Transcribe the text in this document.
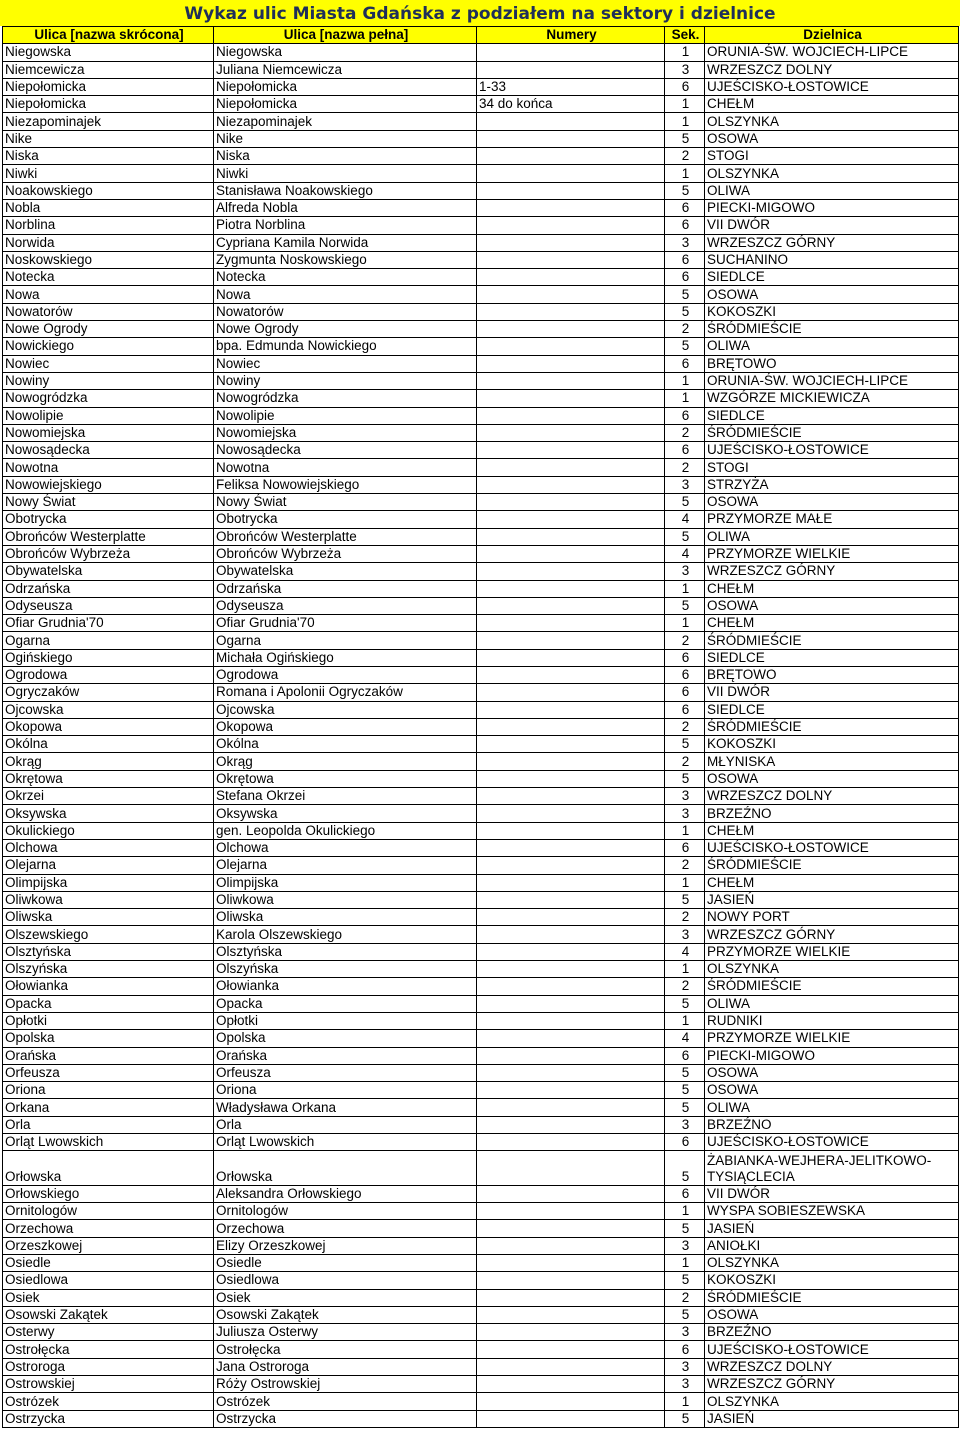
Wykaz ulic Miasta Gdańska z podziałem na sektory i dzielnice
Ulica [nazwa skrócona]	Ulica [nazwa pełna]	Numery	Sek.	Dzielnica
Niegowska	Niegowska		1	ORUNIA-ŚW. WOJCIECH-LIPCE
Niemcewicza	Juliana Niemcewicza		3	WRZESZCZ DOLNY
Niepołomicka	Niepołomicka	1-33	6	UJEŚCISKO-ŁOSTOWICE
Niepołomicka	Niepołomicka	34 do końca	1	CHEŁM
Niezapominajek	Niezapominajek		1	OLSZYNKA
Nike	Nike		5	OSOWA
Niska	Niska		2	STOGI
Niwki	Niwki		1	OLSZYNKA
Noakowskiego	Stanisława Noakowskiego		5	OLIWA
Nobla	Alfreda Nobla		6	PIECKI-MIGOWO
Norblina	Piotra Norblina		6	VII DWÓR
Norwida	Cypriana Kamila Norwida		3	WRZESZCZ GÓRNY
Noskowskiego	Zygmunta Noskowskiego		6	SUCHANINO
Notecka	Notecka		6	SIEDLCE
Nowa	Nowa		5	OSOWA
Nowatorów	Nowatorów		5	KOKOSZKI
Nowe Ogrody	Nowe Ogrody		2	ŚRÓDMIEŚCIE
Nowickiego	bpa. Edmunda Nowickiego		5	OLIWA
Nowiec	Nowiec		6	BRĘTOWO
Nowiny	Nowiny		1	ORUNIA-ŚW. WOJCIECH-LIPCE
Nowogródzka	Nowogródzka		1	WZGÓRZE MICKIEWICZA
Nowolipie	Nowolipie		6	SIEDLCE
Nowomiejska	Nowomiejska		2	ŚRÓDMIEŚCIE
Nowosądecka	Nowosądecka		6	UJEŚCISKO-ŁOSTOWICE
Nowotna	Nowotna		2	STOGI
Nowowiejskiego	Feliksa Nowowiejskiego		3	STRZYŻA
Nowy Świat	Nowy Świat		5	OSOWA
Obotrycka	Obotrycka		4	PRZYMORZE MAŁE
Obrońców Westerplatte	Obrońców Westerplatte		5	OLIWA
Obrońców Wybrzeża	Obrońców Wybrzeża		4	PRZYMORZE WIELKIE
Obywatelska	Obywatelska		3	WRZESZCZ GÓRNY
Odrzańska	Odrzańska		1	CHEŁM
Odyseusza	Odyseusza		5	OSOWA
Ofiar Grudnia'70	Ofiar Grudnia'70		1	CHEŁM
Ogarna	Ogarna		2	ŚRÓDMIEŚCIE
Ogińskiego	Michała Ogińskiego		6	SIEDLCE
Ogrodowa	Ogrodowa		6	BRĘTOWO
Ogryczaków	Romana i Apolonii Ogryczaków		6	VII DWÓR
Ojcowska	Ojcowska		6	SIEDLCE
Okopowa	Okopowa		2	ŚRÓDMIEŚCIE
Okólna	Okólna		5	KOKOSZKI
Okrąg	Okrąg		2	MŁYNISKA
Okrętowa	Okrętowa		5	OSOWA
Okrzei	Stefana Okrzei		3	WRZESZCZ DOLNY
Oksywska	Oksywska		3	BRZEŹNO
Okulickiego	gen. Leopolda Okulickiego		1	CHEŁM
Olchowa	Olchowa		6	UJEŚCISKO-ŁOSTOWICE
Olejarna	Olejarna		2	ŚRÓDMIEŚCIE
Olimpijska	Olimpijska		1	CHEŁM
Oliwkowa	Oliwkowa		5	JASIEŃ
Oliwska	Oliwska		2	NOWY PORT
Olszewskiego	Karola Olszewskiego		3	WRZESZCZ GÓRNY
Olsztyńska	Olsztyńska		4	PRZYMORZE WIELKIE
Olszyńska	Olszyńska		1	OLSZYNKA
Ołowianka	Ołowianka		2	ŚRÓDMIEŚCIE
Opacka	Opacka		5	OLIWA
Opłotki	Opłotki		1	RUDNIKI
Opolska	Opolska		4	PRZYMORZE WIELKIE
Orańska	Orańska		6	PIECKI-MIGOWO
Orfeusza	Orfeusza		5	OSOWA
Oriona	Oriona		5	OSOWA
Orkana	Władysława Orkana		5	OLIWA
Orla	Orla		3	BRZEŹNO
Orląt Lwowskich	Orląt Lwowskich		6	UJEŚCISKO-ŁOSTOWICE
Orłowska	Orłowska		5	ŻABIANKA-WEJHERA-JELITKOWO-TYSIĄCLECIA
Orłowskiego	Aleksandra Orłowskiego		6	VII DWÓR
Ornitologów	Ornitologów		1	WYSPA SOBIESZEWSKA
Orzechowa	Orzechowa		5	JASIEŃ
Orzeszkowej	Elizy Orzeszkowej		3	ANIOŁKI
Osiedle	Osiedle		1	OLSZYNKA
Osiedlowa	Osiedlowa		5	KOKOSZKI
Osiek	Osiek		2	ŚRÓDMIEŚCIE
Osowski Zakątek	Osowski Zakątek		5	OSOWA
Osterwy	Juliusza Osterwy		3	BRZEŹNO
Ostrołęcka	Ostrołęcka		6	UJEŚCISKO-ŁOSTOWICE
Ostroroga	Jana Ostroroga		3	WRZESZCZ DOLNY
Ostrowskiej	Róży Ostrowskiej		3	WRZESZCZ GÓRNY
Ostrózek	Ostrózek		1	OLSZYNKA
Ostrzycka	Ostrzycka		5	JASIEŃ
